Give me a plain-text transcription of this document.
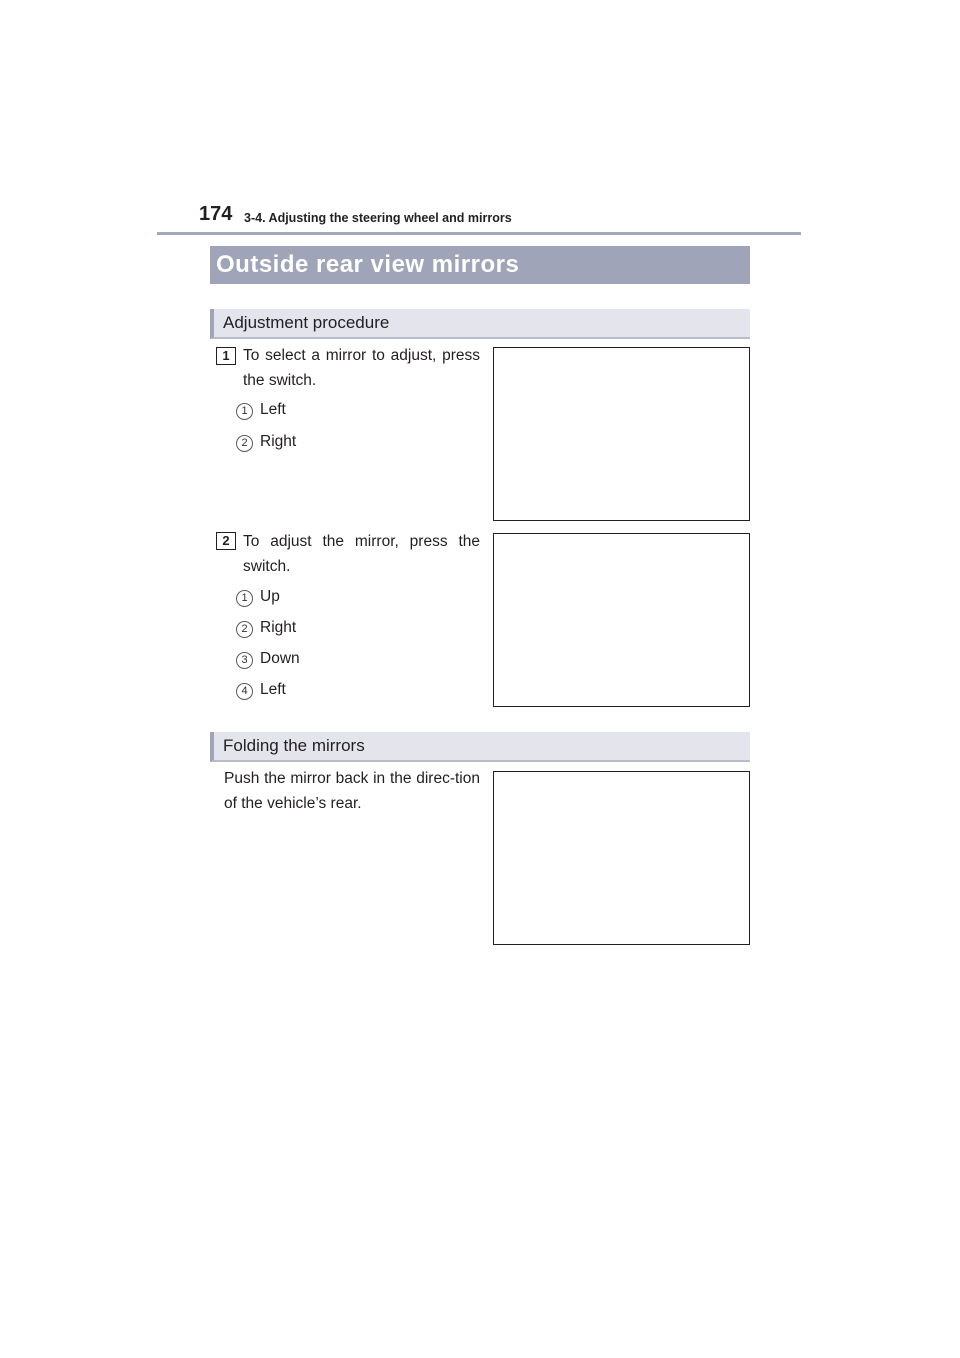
174 3-4. Adjusting the steering wheel and mirrors
Outside rear view mirrors
Adjustment procedure
1 To select a mirror to adjust, press the switch.
1 Left
2 Right
2 To adjust the mirror, press the switch.
1 Up
2 Right
3 Down
4 Left
Folding the mirrors
Push the mirror back in the direc-tion of the vehicle’s rear.
